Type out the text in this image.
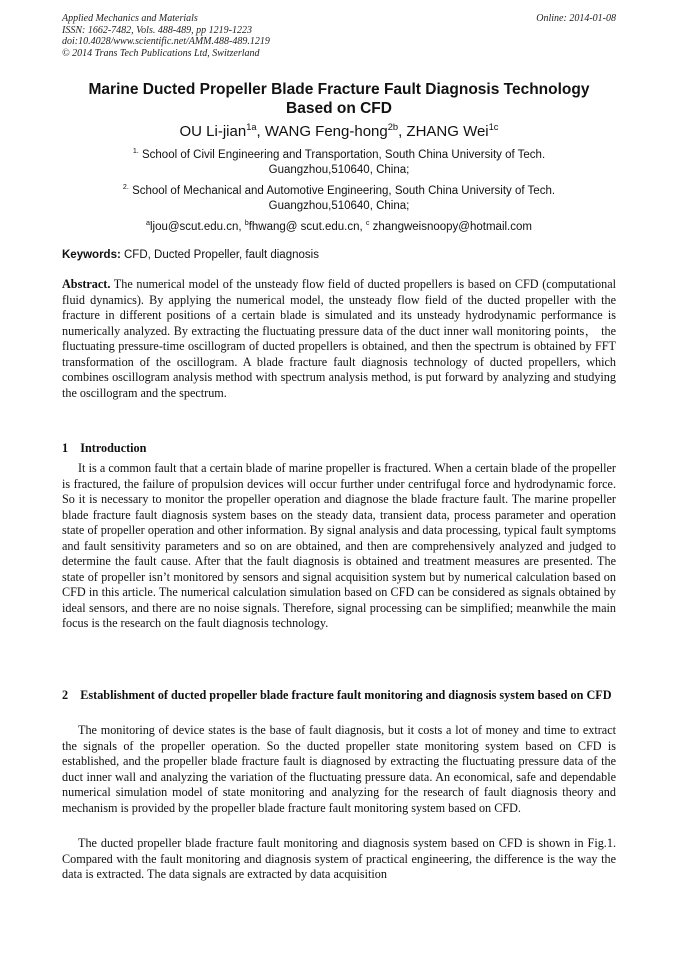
Applied Mechanics and Materials
ISSN: 1662-7482, Vols. 488-489, pp 1219-1223
doi:10.4028/www.scientific.net/AMM.488-489.1219
© 2014 Trans Tech Publications Ltd, Switzerland
Online: 2014-01-08
Marine Ducted Propeller Blade Fracture Fault Diagnosis Technology
Based on CFD
OU Li-jian$^{1a}$, WANG Feng-hong$^{2b}$, ZHANG Wei$^{1c}$
$^{1.}$ School of Civil Engineering and Transportation, South China University of Tech.
Guangzhou,510640, China;
$^{2.}$ School of Mechanical and Automotive Engineering, South China University of Tech.
Guangzhou,510640, China;
$^a$ljou@scut.edu.cn, $^b$fhwang@ scut.edu.cn, $^c$ zhangweisnoopy@hotmail.com
Keywords: CFD, Ducted Propeller, fault diagnosis
Abstract. The numerical model of the unsteady flow field of ducted propellers is based on CFD (computational fluid dynamics). By applying the numerical model, the unsteady flow field of the ducted propeller with the fracture in different positions of a certain blade is simulated and its unsteady hydrodynamic performance is numerically analyzed. By extracting the fluctuating pressure data of the duct inner wall monitoring points， the fluctuating pressure-time oscillogram of ducted propellers is obtained, and then the spectrum is obtained by FFT transformation of the oscillogram. A blade fracture fault diagnosis technology of ducted propellers, which combines oscillogram analysis method with spectrum analysis method, is put forward by analyzing and studying the oscillogram and the spectrum.
1    Introduction
It is a common fault that a certain blade of marine propeller is fractured. When a certain blade of the propeller is fractured, the failure of propulsion devices will occur further under centrifugal force and hydrodynamic force. So it is necessary to monitor the propeller operation and diagnose the blade fracture fault. The marine propeller blade fracture fault diagnosis system bases on the steady data, transient data, process parameter and operation state of propeller operation and other information. By signal analysis and data processing, typical fault symptoms and fault sensitivity parameters and so on are obtained, and then are comprehensively analyzed and judged to determine the fault cause. After that the fault diagnosis is obtained and treatment measures are presented. The state of propeller isn’t monitored by sensors and signal acquisition system but by numerical calculation based on CFD in this article. The numerical calculation simulation based on CFD can be considered as signals obtained by ideal sensors, and there are no noise signals. Therefore, signal processing can be simplified; meanwhile the main focus is the research on the fault diagnosis technology.
2    Establishment of ducted propeller blade fracture fault monitoring and diagnosis system based on CFD
The monitoring of device states is the base of fault diagnosis, but it costs a lot of money and time to extract the signals of the propeller operation. So the ducted propeller state monitoring system based on CFD is established, and the propeller blade fracture fault is diagnosed by extracting the fluctuating pressure data of the duct inner wall and analyzing the variation of the fluctuating pressure data. An economical, safe and dependable numerical simulation model of state monitoring and analyzing for the research of fault diagnosis theory and mechanism is provided by the propeller blade fracture fault monitoring system based on CFD.
The ducted propeller blade fracture fault monitoring and diagnosis system based on CFD is shown in Fig.1. Compared with the fault monitoring and diagnosis system of practical engineering, the difference is the way the data is extracted. The data signals are extracted by data acquisition
